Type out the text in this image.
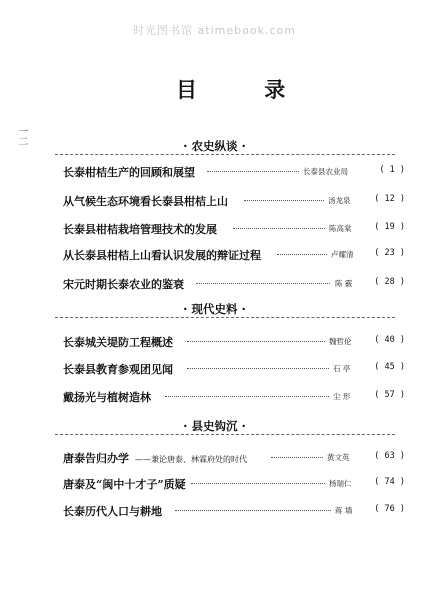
时光图书馆 atimebook.com
目 录
一二	· 农史纵谈 ·
长泰柑桔生产的回顾和展望	长泰县农业局	( 1 )
从气候生态环境看长泰县柑桔上山	汤龙泉	( 12 )
长泰县柑桔栽培管理技术的发展	陈高棠	( 19 )
从长泰县柑桔上山看认识发展的辩证过程	卢耀清 ( 23 )
宋元时期长泰农业的鉴衰	陈 霰	( 28 )
· 现代史料 ·
长泰城关堤防工程概述	魏哲伦	( 40 )
长泰县教育参观团见闻	石 亭	( 45 )
戴扬光与植树造林	尘 形	( 57 )
· 县史钩沉 ·
唐泰告归办学 ——兼论唐泰、林霖府处的时代	黄文英	( 63 )
唐泰及“闽中十才子”质疑	杨瑞仁	( 74 )
长泰历代人口与耕地	蒋 墙	( 76 )
